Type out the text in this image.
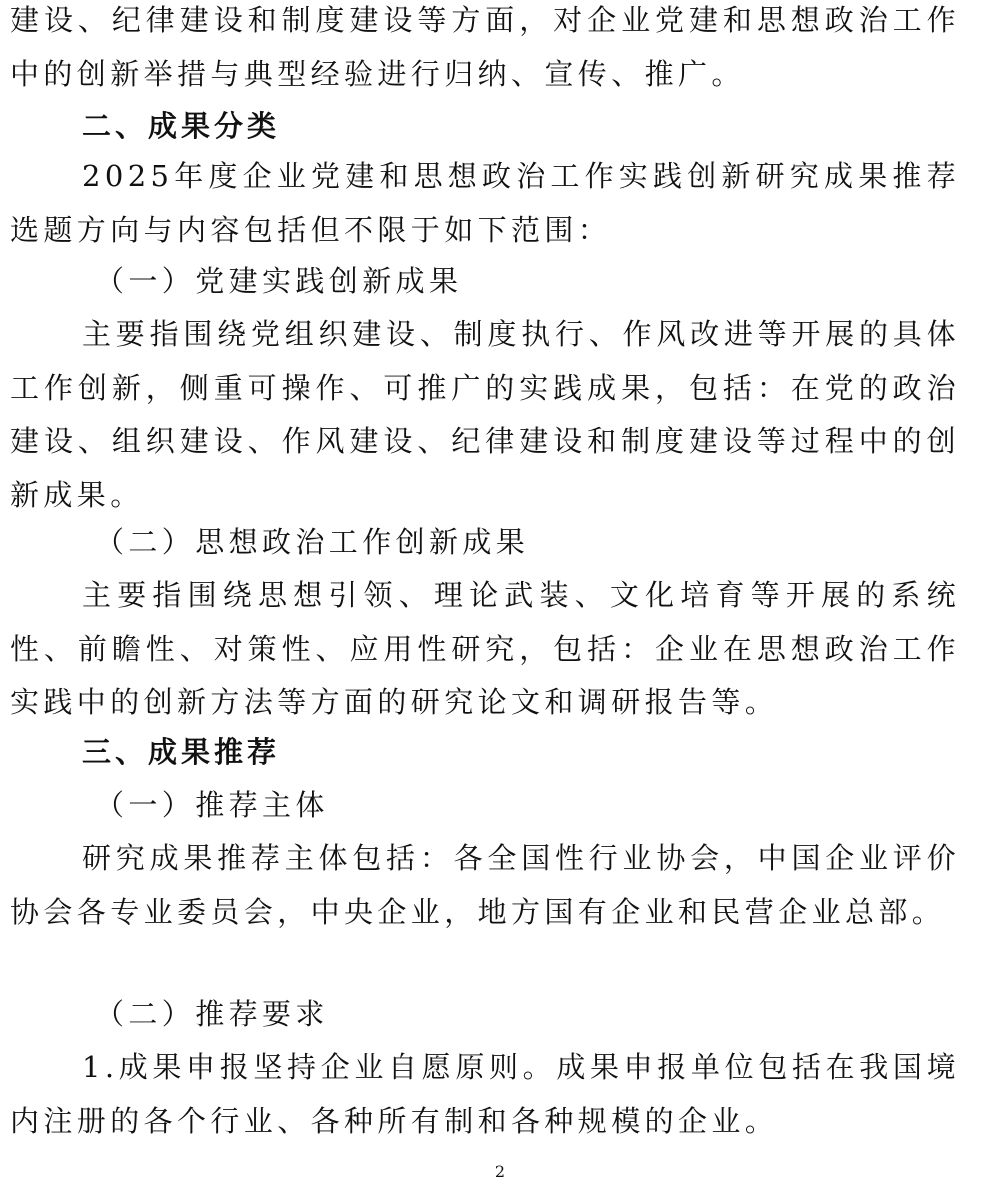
建设、纪律建设和制度建设等方面，对企业党建和思想政治工作中的创新举措与典型经验进行归纳、宣传、推广。

二、成果分类

2025年度企业党建和思想政治工作实践创新研究成果推荐选题方向与内容包括但不限于如下范围：

（一）党建实践创新成果

主要指围绕党组织建设、制度执行、作风改进等开展的具体工作创新，侧重可操作、可推广的实践成果，包括：在党的政治建设、组织建设、作风建设、纪律建设和制度建设等过程中的创新成果。

（二）思想政治工作创新成果

主要指围绕思想引领、理论武装、文化培育等开展的系统性、前瞻性、对策性、应用性研究，包括：企业在思想政治工作实践中的创新方法等方面的研究论文和调研报告等。

三、成果推荐

（一）推荐主体

研究成果推荐主体包括：各全国性行业协会，中国企业评价协会各专业委员会，中央企业，地方国有企业和民营企业总部。

（二）推荐要求

1.成果申报坚持企业自愿原则。成果申报单位包括在我国境内注册的各个行业、各种所有制和各种规模的企业。

2
